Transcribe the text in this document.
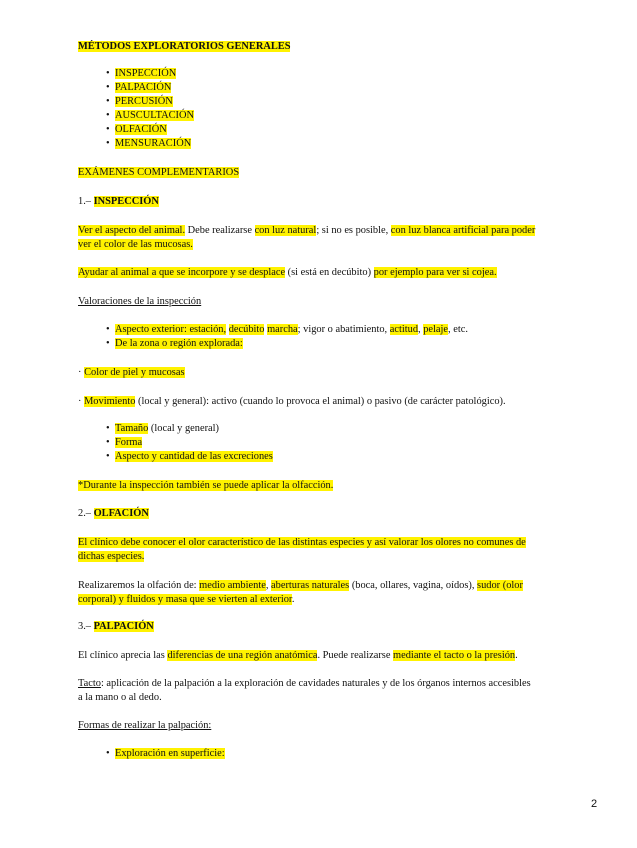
MÉTODOS EXPLORATORIOS GENERALES
• INSPECCIÓN
• PALPACIÓN
• PERCUSIÓN
• AUSCULTACIÓN
• OLFACIÓN
• MENSURACIÓN
EXÁMENES COMPLEMENTARIOS
1.– INSPECCIÓN
Ver el aspecto del animal. Debe realizarse con luz natural; si no es posible, con luz blanca artificial para poder
ver el color de las mucosas.
Ayudar al animal a que se incorpore y se desplace (si está en decúbito) por ejemplo para ver si cojea.
Valoraciones de la inspección
• Aspecto exterior: estación, decúbito marcha; vigor o abatimiento, actitud, pelaje, etc.
• De la zona o región explorada:
· Color de piel y mucosas
· Movimiento (local y general): activo (cuando lo provoca el animal) o pasivo (de carácter patológico).
• Tamaño (local y general)
• Forma
• Aspecto y cantidad de las excreciones
*Durante la inspección también se puede aplicar la olfacción.
2.– OLFACIÓN
El clínico debe conocer el olor característico de las distintas especies y así valorar los olores no comunes de
dichas especies.
Realizaremos la olfación de: medio ambiente, aberturas naturales (boca, ollares, vagina, oídos), sudor (olor
corporal) y fluidos y masa que se vierten al exterior.
3.– PALPACIÓN
El clínico aprecia las diferencias de una región anatómica. Puede realizarse mediante el tacto o la presión.
Tacto: aplicación de la palpación a la exploración de cavidades naturales y de los órganos internos accesibles
a la mano o al dedo.
Formas de realizar la palpación:
• Exploración en superficie:
2
